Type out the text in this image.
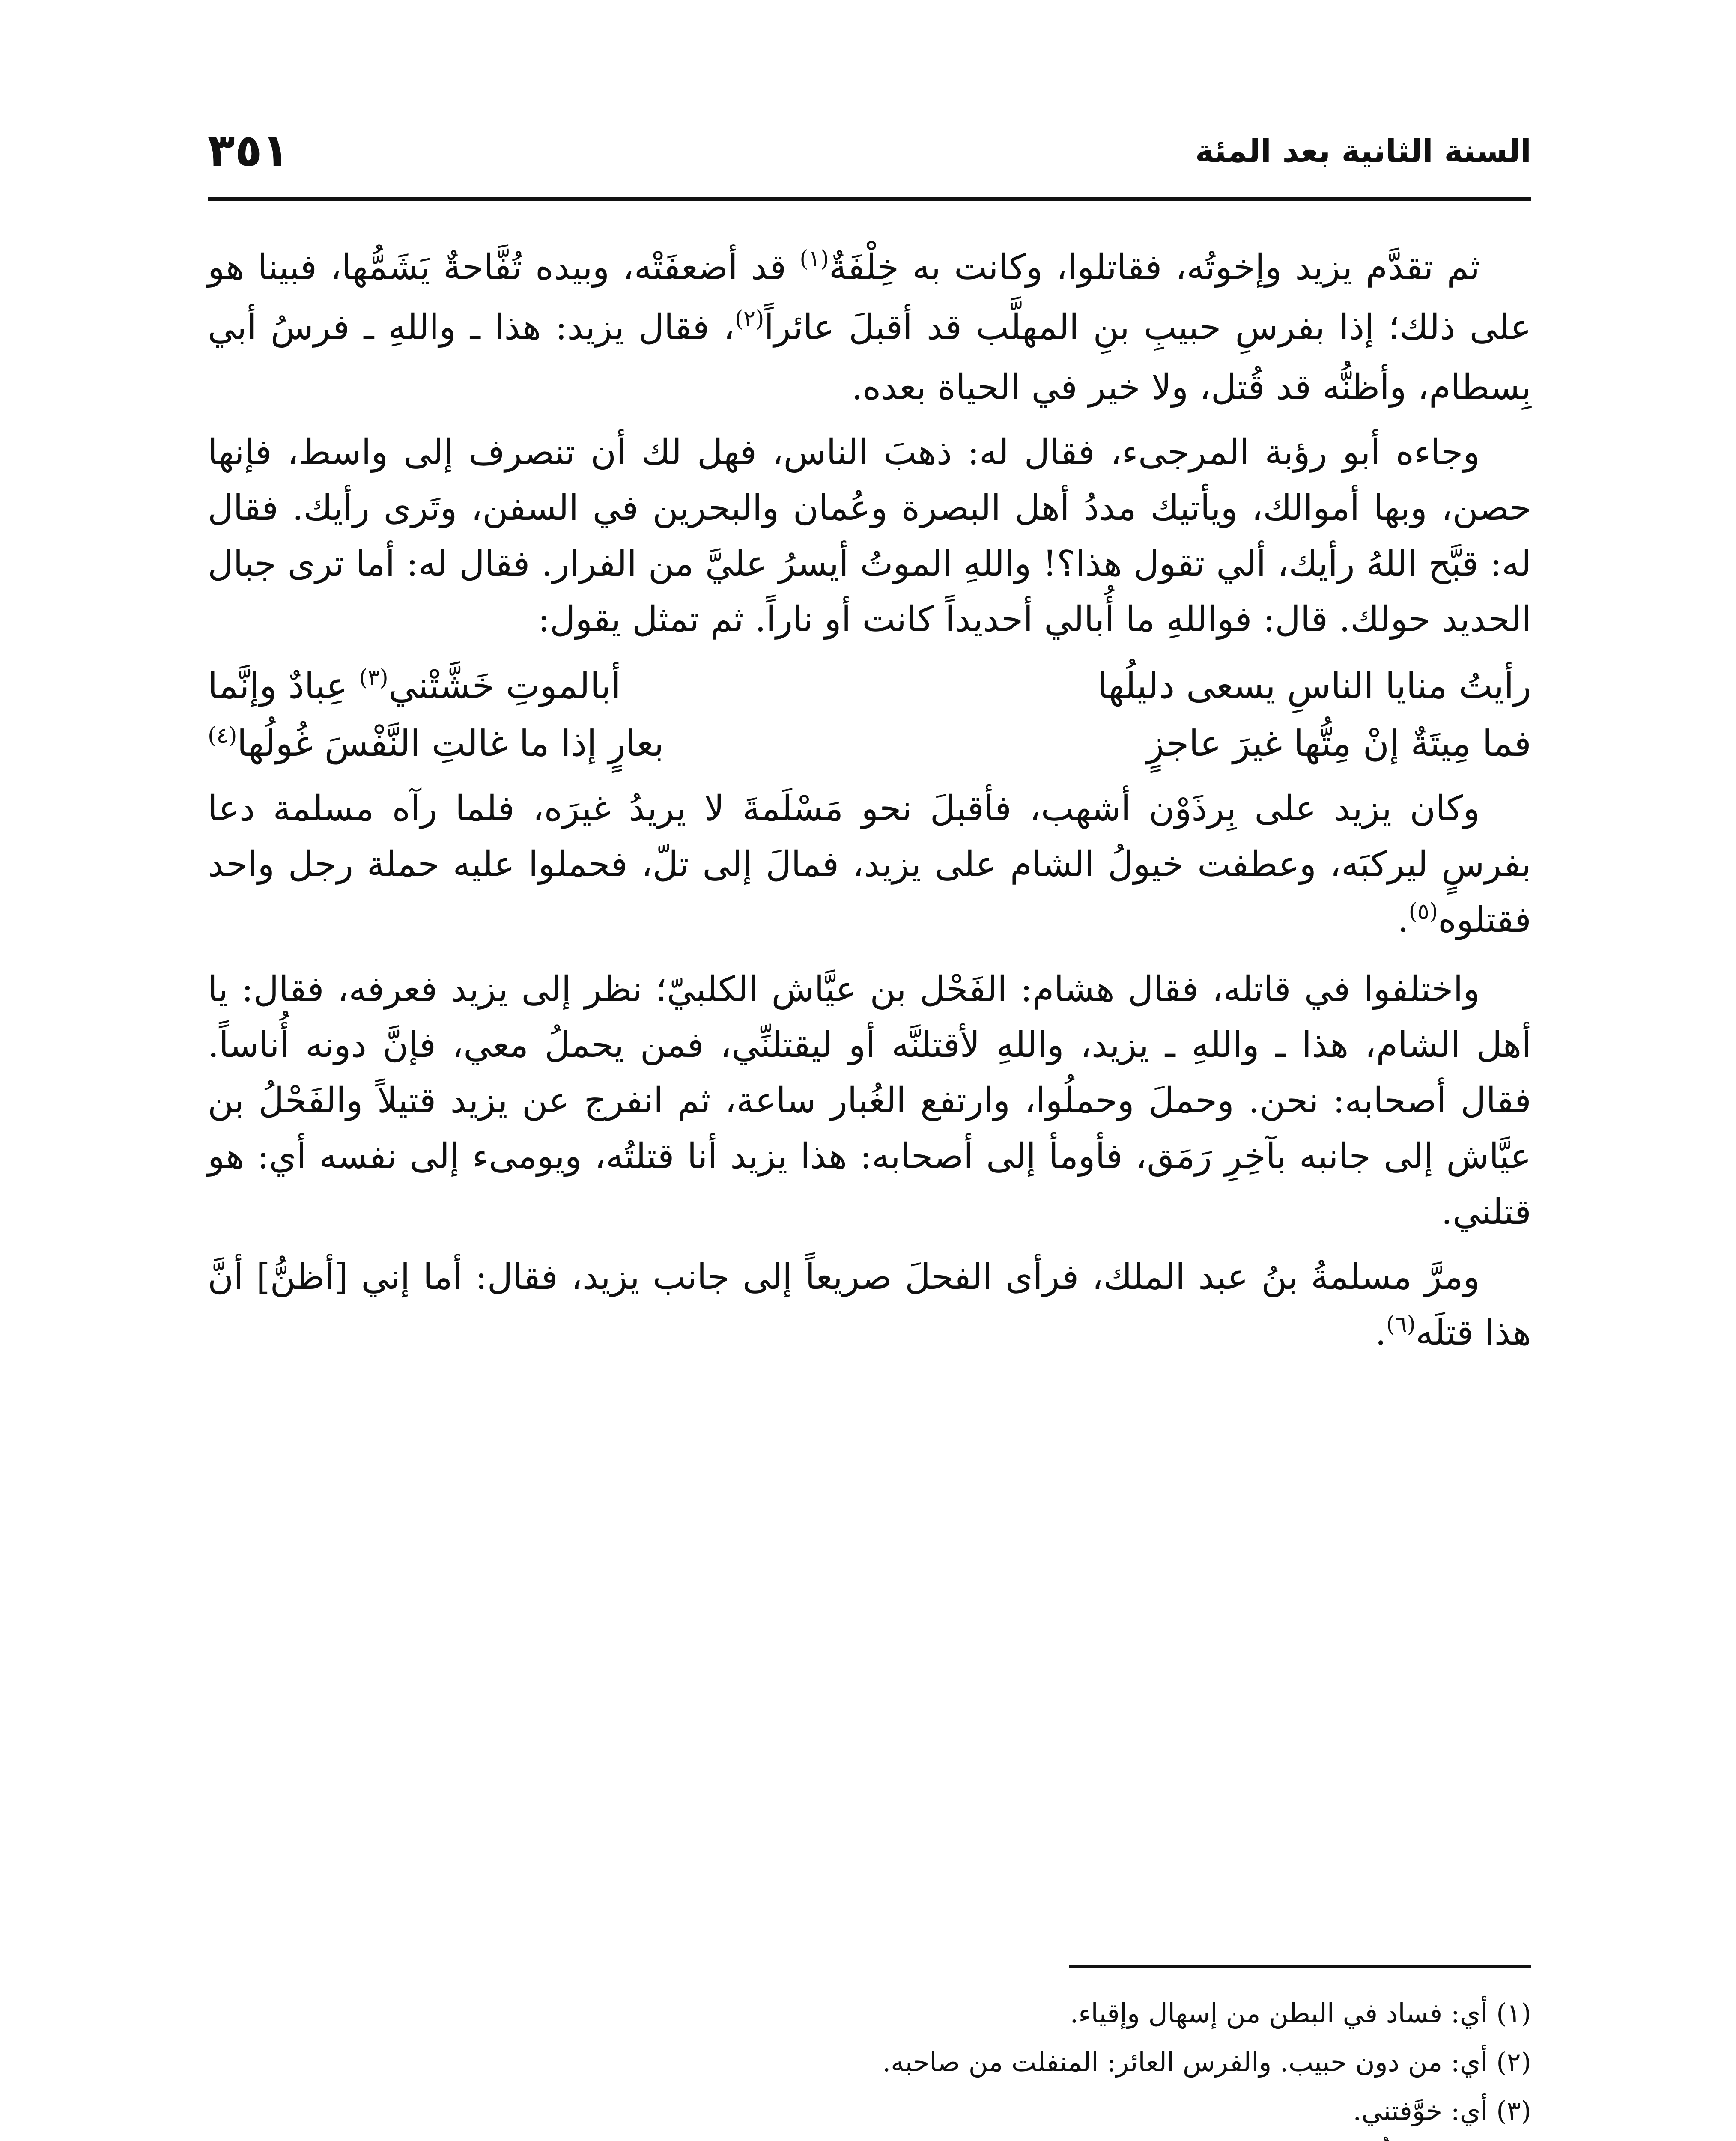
السنة الثانية بعد المئة
٣٥١

ثم تقدَّم يزيد وإخوتُه، فقاتلوا، وكانت به خِلْفَةٌ$^{(١)}$ قد أضعفَتْه، وبيده تُفَّاحةٌ يَشَمُّها، فبينا هو على ذلك؛ إذا بفرسِ حبيبِ بنِ المهلَّب قد أقبلَ عائراً$^{(٢)}$، فقال يزيد: هذا ـ واللهِ ـ فرسُ أبي بِسطام، وأظنُّه قد قُتل، ولا خير في الحياة بعده.

وجاءه أبو رؤبة المرجىء، فقال له: ذهبَ الناس، فهل لك أن تنصرف إلى واسط، فإنها حصن، وبها أموالك، ويأتيك مددُ أهل البصرة وعُمان والبحرين في السفن، وتَرى رأيك. فقال له: قبَّح اللهُ رأيك، ألي تقول هذا؟! واللهِ الموتُ أيسرُ عليَّ من الفرار. فقال له: أما ترى جبال الحديد حولك. قال: فواللهِ ما أُبالي أحديداً كانت أو ناراً. ثم تمثل يقول:

رأيتُ منايا الناسِ يسعى دليلُها
أبالموتِ خَشَّتْني$^{(٣)}$ عِبادٌ وإنَّما
فما مِيتَةٌ إنْ مِتُّها غيرَ عاجزٍ
بعارٍ إذا ما غالتِ النَّفْسَ غُولُها$^{(٤)}$

وكان يزيد على بِرذَوْن أشهب، فأقبلَ نحو مَسْلَمةَ لا يريدُ غيرَه، فلما رآه مسلمة دعا بفرسٍ ليركبَه، وعطفت خيولُ الشام على يزيد، فمالَ إلى تلّ، فحملوا عليه حملة رجل واحد فقتلوه$^{(٥)}$.

واختلفوا في قاتله، فقال هشام: الفَحْل بن عيَّاش الكلبيّ؛ نظر إلى يزيد فعرفه، فقال: يا أهل الشام، هذا ـ واللهِ ـ يزيد، واللهِ لأقتلنَّه أو ليقتلنِّي، فمن يحملُ معي، فإنَّ دونه أُناساً. فقال أصحابه: نحن. وحملَ وحملُوا، وارتفع الغُبار ساعة، ثم انفرج عن يزيد قتيلاً والفَحْلُ بن عيَّاش إلى جانبه بآخِرِ رَمَق، فأومأ إلى أصحابه: هذا يزيد أنا قتلتُه، ويومىء إلى نفسه أي: هو قتلني.

ومرَّ مسلمةُ بنُ عبد الملك، فرأى الفحلَ صريعاً إلى جانب يزيد، فقال: أما إني [أظنُّ] أنَّ هذا قتلَه$^{(٦)}$.

(١) أي: فساد في البطن من إسهال وإقياء.

(٢) أي: من دون حبيب. والفرس العائر: المنفلت من صاحبه.

(٣) أي: خوَّفتني.
